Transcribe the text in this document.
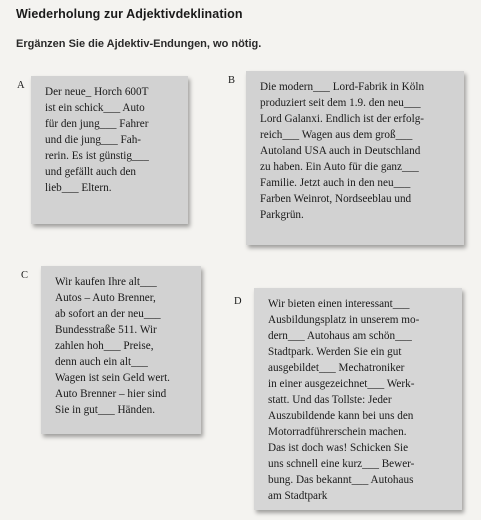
Wiederholung zur Adjektivdeklination
Ergänzen Sie die Ajdektiv-Endungen, wo nötig.
A
Der neue_ Horch 600T
ist ein schick___ Auto
für den jung___ Fahrer
und die jung___ Fah-
rerin. Es ist günstig___
und gefällt auch den
lieb___ Eltern.
B
Die modern___ Lord-Fabrik in Köln
produziert seit dem 1.9. den neu___
Lord Galanxi. Endlich ist der erfolg-
reich___ Wagen aus dem groß___
Autoland USA auch in Deutschland
zu haben. Ein Auto für die ganz___
Familie. Jetzt auch in den neu___
Farben Weinrot, Nordseeblau und
Parkgrün.
C
Wir kaufen Ihre alt___
Autos – Auto Brenner,
ab sofort an der neu___
Bundesstraße 511. Wir
zahlen hoh___ Preise,
denn auch ein alt___
Wagen ist sein Geld wert.
Auto Brenner – hier sind
Sie in gut___ Händen.
D Wir bieten einen interessant___
Ausbildungsplatz in unserem mo-
dern___ Autohaus am schön___
Stadtpark. Werden Sie ein gut
ausgebildet___ Mechatroniker
in einer ausgezeichnet___ Werk-
statt. Und das Tollste: Jeder
Auszubildende kann bei uns den
Motorradführerschein machen.
Das ist doch was! Schicken Sie
uns schnell eine kurz___ Bewer-
bung. Das bekannt___ Autohaus
am Stadtpark
